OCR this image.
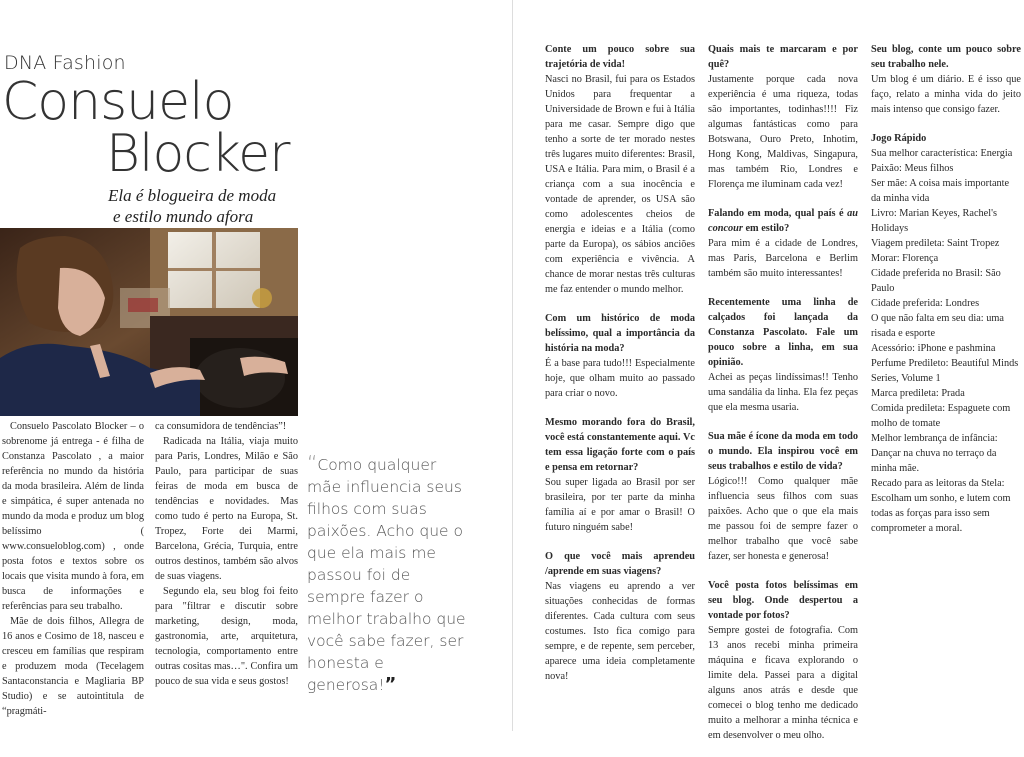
DNA Fashion
Consuelo
Blocker
Ela é blogueira de moda
e estilo mundo afora

Consuelo Pascolato Blocker – o sobrenome já entrega - é filha de Constanza Pascolato , a maior referência no mundo da história da moda brasileira. Além de linda e simpática, é super antenada no mundo da moda e produz um blog belíssimo ( www.consueloblog.com) , onde posta fotos e textos sobre os locais que visita mundo à fora, em busca de informações e referências para seu trabalho.

Mãe de dois filhos, Allegra de 16 anos e Cosimo de 18, nasceu e cresceu em famílias que respiram e produzem moda (Tecelagem Santaconstancia e Magliaria BP Studio) e se autointitula de “pragmáti-

ca consumidora de tendências”!

Radicada na Itália, viaja muito para Paris, Londres, Milão e São Paulo, para participar de suas feiras de moda em busca de tendências e novidades. Mas como tudo é perto na Europa, St. Tropez, Forte dei Marmi, Barcelona, Grécia, Turquia, entre outros destinos, também são alvos de suas viagens.

Segundo ela, seu blog foi feito para "filtrar e discutir sobre marketing, design, moda, gastronomia, arte, arquitetura, tecnologia, comportamento entre outras cositas mas…". Confira um pouco de sua vida e seus gostos!

“Como qualquer mãe influencia seus filhos com suas paixões. Acho que o que ela mais me passou foi de sempre fazer o melhor trabalho que você sabe fazer, ser honesta e generosa!”
Conte um pouco sobre sua trajetória de vida!
Nasci no Brasil, fui para os Estados Unidos para frequentar a Universidade de Brown e fui à Itália para me casar. Sempre digo que tenho a sorte de ter morado nestes três lugares muito diferentes: Brasil, USA e Itália. Para mim, o Brasil é a criança com a sua inocência e vontade de aprender, os USA são como adolescentes cheios de energia e ideias e a Itália (como parte da Europa), os sábios anciões com experiência e vivência. A chance de morar nestas três culturas me faz entender o mundo melhor.
Com um histórico de moda belíssimo, qual a importância da história na moda?
É a base para tudo!!! Especialmente hoje, que olham muito ao passado para criar o novo.
Mesmo morando fora do Brasil, você está constantemente aqui. Vc tem essa ligação forte com o país e pensa em retornar?
Sou super ligada ao Brasil por ser brasileira, por ter parte da minha família aí e por amar o Brasil! O futuro ninguém sabe!
O que você mais aprendeu /aprende em suas viagens?
Nas viagens eu aprendo a ver situações conhecidas de formas diferentes. Cada cultura com seus costumes. Isto fica comigo para sempre, e de repente, sem perceber, aparece uma ideia completamente nova!
Quais mais te marcaram e por quê?
Justamente porque cada nova experiência é uma riqueza, todas são importantes, todinhas!!!! Fiz algumas fantásticas como para Botswana, Ouro Preto, Inhotim, Hong Kong, Maldivas, Singapura, mas também Rio, Londres e Florença me iluminam cada vez!
Falando em moda, qual país é au concour em estilo?
Para mim é a cidade de Londres, mas Paris, Barcelona e Berlim também são muito interessantes!
Recentemente uma linha de calçados foi lançada da Constanza Pascolato. Fale um pouco sobre a linha, em sua opinião.
Achei as peças lindíssimas!! Tenho uma sandália da linha. Ela fez peças que ela mesma usaria.
Sua mãe é ícone da moda em todo o mundo. Ela inspirou você em seus trabalhos e estilo de vida?
Lógico!!! Como qualquer mãe influencia seus filhos com suas paixões. Acho que o que ela mais me passou foi de sempre fazer o melhor trabalho que você sabe fazer, ser honesta e generosa!
Você posta fotos belíssimas em seu blog. Onde despertou a vontade por fotos?
Sempre gostei de fotografia. Com 13 anos recebi minha primeira máquina e ficava explorando o limite dela. Passei para a digital alguns anos atrás e desde que comecei o blog tenho me dedicado muito a melhorar a minha técnica e em desenvolver o meu olho.
Seu blog, conte um pouco sobre seu trabalho nele.
Um blog é um diário. E é isso que faço, relato a minha vida do jeito mais intenso que consigo fazer.
Jogo Rápido
Sua melhor característica: Energia
Paixão: Meus filhos
Ser mãe: A coisa mais importante da minha vida
Livro: Marian Keyes, Rachel's Holidays
Viagem predileta: Saint Tropez
Morar: Florença
Cidade preferida no Brasil: São Paulo
Cidade preferida: Londres
O que não falta em seu dia: uma risada e esporte
Acessório: iPhone e pashmina
Perfume Predileto: Beautiful Minds Series, Volume 1
Marca predileta: Prada
Comida predileta: Espaguete com molho de tomate
Melhor lembrança de infância: Dançar na chuva no terraço da minha mãe.
Recado para as leitoras da Stela: Escolham um sonho, e lutem com todas as forças para isso sem comprometer a moral.
